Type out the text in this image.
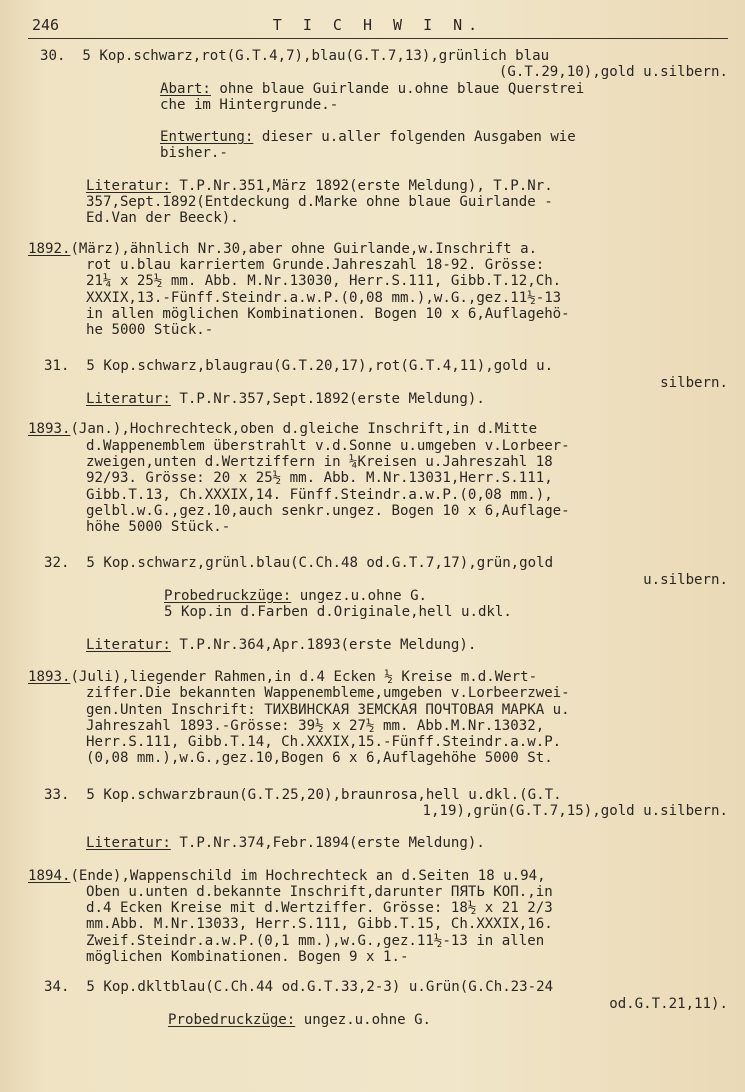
246	T I C H W I N.
30.  5 Kop.schwarz,rot(G.T.4,7),blau(G.T.7,13),grünlich blau
(G.T.29,10),gold u.silbern.
Abart: ohne blaue Guirlande u.ohne blaue Querstrei
che im Hintergrunde.-
Entwertung: dieser u.aller folgenden Ausgaben wie
bisher.-
Literatur: T.P.Nr.351,März 1892(erste Meldung), T.P.Nr.
357,Sept.1892(Entdeckung d.Marke ohne blaue Guirlande -
Ed.Van der Beeck).
1892.(März),ähnlich Nr.30,aber ohne Guirlande,w.Inschrift a.
rot u.blau karriertem Grunde.Jahreszahl 18-92. Grösse:
21¼ x 25½ mm. Abb. M.Nr.13030, Herr.S.111, Gibb.T.12,Ch.
XXXIX,13.-Fünff.Steindr.a.w.P.(0,08 mm.),w.G.,gez.11½-13
in allen möglichen Kombinationen. Bogen 10 x 6,Auflagehö-
he 5000 Stück.-
31.  5 Kop.schwarz,blaugrau(G.T.20,17),rot(G.T.4,11),gold u.
silbern.
Literatur: T.P.Nr.357,Sept.1892(erste Meldung).
1893.(Jan.),Hochrechteck,oben d.gleiche Inschrift,in d.Mitte
d.Wappenemblem überstrahlt v.d.Sonne u.umgeben v.Lorbeer-
zweigen,unten d.Wertziffern in ¼Kreisen u.Jahreszahl 18
92/93. Grösse: 20 x 25½ mm. Abb. M.Nr.13031,Herr.S.111,
Gibb.T.13, Ch.XXXIX,14. Fünff.Steindr.a.w.P.(0,08 mm.),
gelbl.w.G.,gez.10,auch senkr.ungez. Bogen 10 x 6,Auflage-
höhe 5000 Stück.-
32.  5 Kop.schwarz,grünl.blau(C.Ch.48 od.G.T.7,17),grün,gold
u.silbern.
Probedruckzüge: ungez.u.ohne G.
5 Kop.in d.Farben d.Originale,hell u.dkl.
Literatur: T.P.Nr.364,Apr.1893(erste Meldung).
1893.(Juli),liegender Rahmen,in d.4 Ecken ½ Kreise m.d.Wert-
ziffer.Die bekannten Wappenembleme,umgeben v.Lorbeerzwei-
gen.Unten Inschrift: ТИХВИНСКАЯ ЗЕМСКАЯ ПОЧТОВАЯ МАРКА u.
Jahreszahl 1893.-Grösse: 39½ x 27½ mm. Abb.M.Nr.13032,
Herr.S.111, Gibb.T.14, Ch.XXXIX,15.-Fünff.Steindr.a.w.P.
(0,08 mm.),w.G.,gez.10,Bogen 6 x 6,Auflagehöhe 5000 St.
33.  5 Kop.schwarzbraun(G.T.25,20),braunrosa,hell u.dkl.(G.T.
1,19),grün(G.T.7,15),gold u.silbern.
Literatur: T.P.Nr.374,Febr.1894(erste Meldung).
1894.(Ende),Wappenschild im Hochrechteck an d.Seiten 18 u.94,
Oben u.unten d.bekannte Inschrift,darunter ПЯТЬ КОП.,in
d.4 Ecken Kreise mit d.Wertziffer. Grösse: 18½ x 21 2/3
mm.Abb. M.Nr.13033, Herr.S.111, Gibb.T.15, Ch.XXXIX,16.
Zweif.Steindr.a.w.P.(0,1 mm.),w.G.,gez.11½-13 in allen
möglichen Kombinationen. Bogen 9 x 1.-
34.  5 Kop.dkltblau(C.Ch.44 od.G.T.33,2-3) u.Grün(G.Ch.23-24
od.G.T.21,11).
Probedruckzüge: ungez.u.ohne G.
